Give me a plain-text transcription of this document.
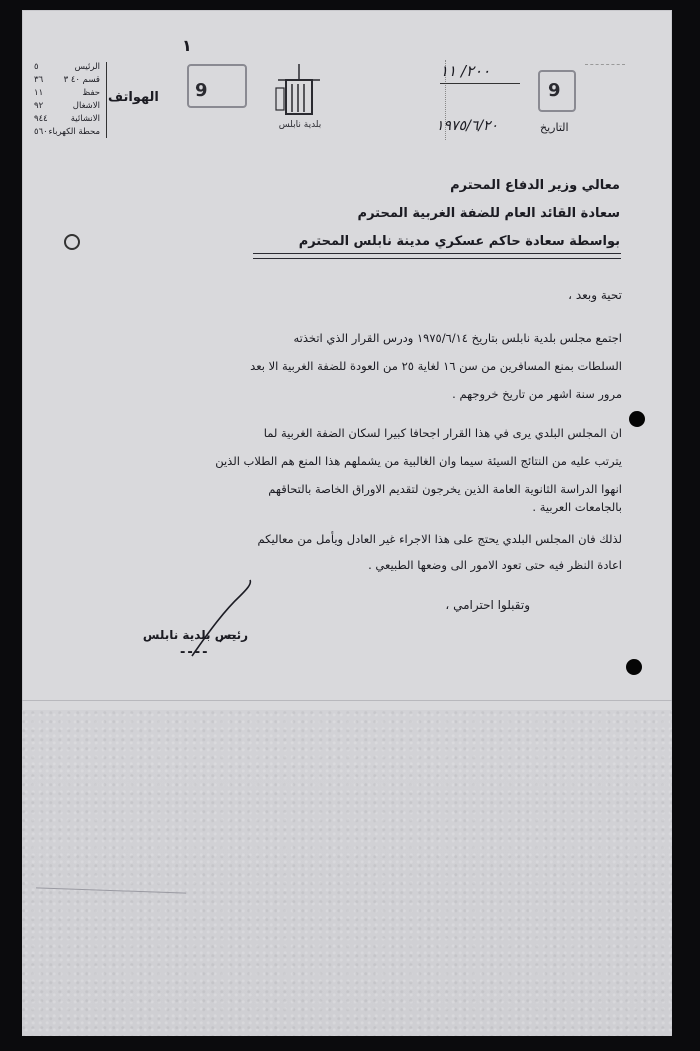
١
الرئيس
٥
قسم ٤٠ ٣
٣٦
حفظ
١١
الاشغال
٩٢
الانشائية
٩٤٤
محطة الكهرباء
٥٦٠
الهواتف 9
بلدية نابلس
٢٠٠/ ١١
9
التاريخ
١٩٧٥/٦/٢٠
معالي وزير الدفاع المحترم
سعادة القائد العام للضفة الغربية المحترم
بواسطة سعادة حاكم عسكري مدينة نابلس المحترم
تحية وبعد ،
اجتمع مجلس بلدية نابلس بتاريخ ١٩٧٥/٦/١٤ ودرس القرار الذي اتخذته
السلطات بمنع المسافرين من سن ١٦ لغاية ٢٥ من العودة للضفة الغربية الا بعد
مرور سنة اشهر من تاريخ خروجهم .
ان المجلس البلدي يرى في هذا القرار اجحافا كبيرا لسكان الضفة الغربية لما
يترتب عليه من النتائج السيئة سيما وان الغالبية من يشملهم هذا المنع هم الطلاب الذين
انهوا الدراسة الثانوية العامة الذين يخرجون لتقديم الاوراق الخاصة بالتحاقهم
بالجامعات العربية .
لذلك فان المجلس البلدي يحتج على هذا الاجراء غير العادل ويأمل من معاليكم
اعادة النظر فيه حتى تعود الامور الى وضعها الطبيعي .
وتقبلوا احترامي ،
رئيس بلدية نابلس
----
